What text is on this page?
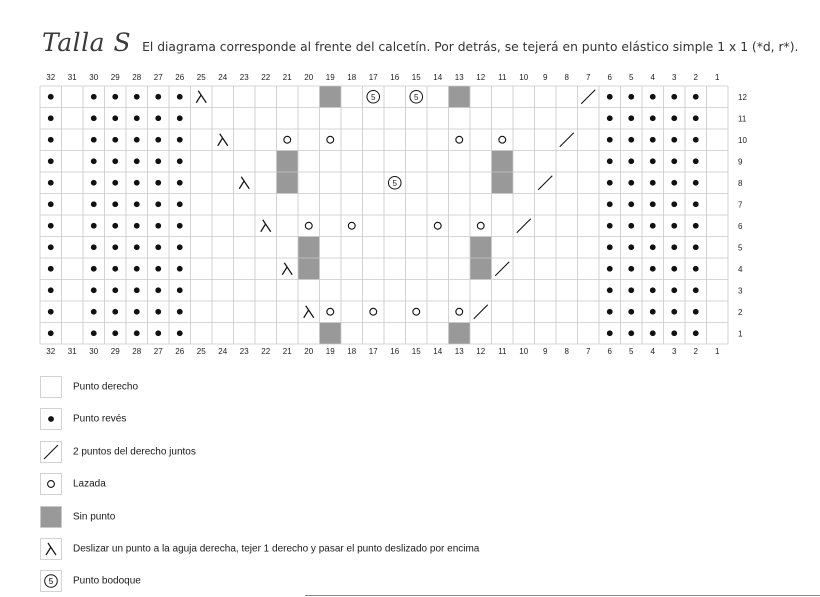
Talla S El diagrama corresponde al frente del calcetín. Por detrás, se tejerá en punto elástico simple 1 x 1 (*d, r*).
32
32
31
31
30
30
29
29
28
28
27
27
26
26
25
25
24
24
23
23
22
22
21
21
20
20
19
19
18
18
17
17
16
16
15
15
14
14
13
13
12
12
11
11
10
10
9
9
8
8
7
7
6
6
5
5
4
4
3
3
2
2
1
1
12
11
10
9
8
7
6
5
4
3
2
1
5	5
5
Punto derecho
Punto revés
2 puntos del derecho juntos
Lazada
Sin punto
Deslizar un punto a la aguja derecha, tejer 1 derecho y pasar el punto deslizado por encima
5 Punto bodoque
